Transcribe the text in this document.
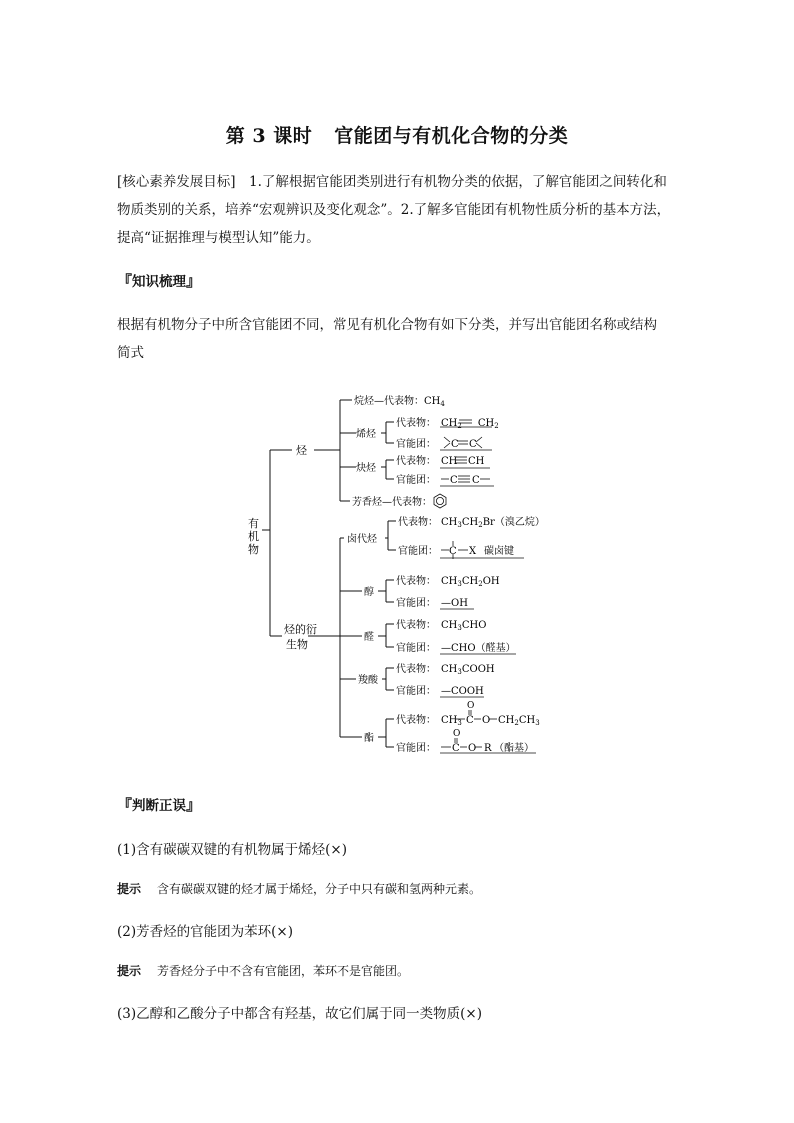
第 3 课时 官能团与有机化合物的分类
[核心素养发展目标]　1.了解根据官能团类别进行有机物分类的依据，了解官能团之间转化和
物质类别的关系，培养“宏观辨识及变化观念”。2.了解多官能团有机物性质分析的基本方法，
提高“证据推理与模型认知”能力。
『知识梳理』
根据有机物分子中所含官能团不同，常见有机化合物有如下分类，并写出官能团名称或结构
简式
有
机
物
烃
烃的衍
生物
烷烃—代表物：$CH_4$
烯烃
代表物： $CH_2$ $CH_2$
官能团： C C
炔烃
代表物： CH CH
官能团： C C
芳香烃—代表物：
卤代烃
代表物： $CH_3CH_2Br$（溴乙烷）
官能团： C X 碳卤键
醇
代表物： $CH_3CH_2OH$
官能团： —OH
醛
代表物： $CH_3CHO$
官能团： —CHO（醛基）
羧酸
代表物： $CH_3COOH$
官能团： —COOH
酯
代表物：
O
$CH_3$ C O $CH_2CH_3$
官能团：
O
C O R （酯基）
『判断正误』
(1)含有碳碳双键的有机物属于烯烃(×)
提示 含有碳碳双键的烃才属于烯烃，分子中只有碳和氢两种元素。
(2)芳香烃的官能团为苯环(×)
提示 芳香烃分子中不含有官能团，苯环不是官能团。
(3)乙醇和乙酸分子中都含有羟基，故它们属于同一类物质(×)
